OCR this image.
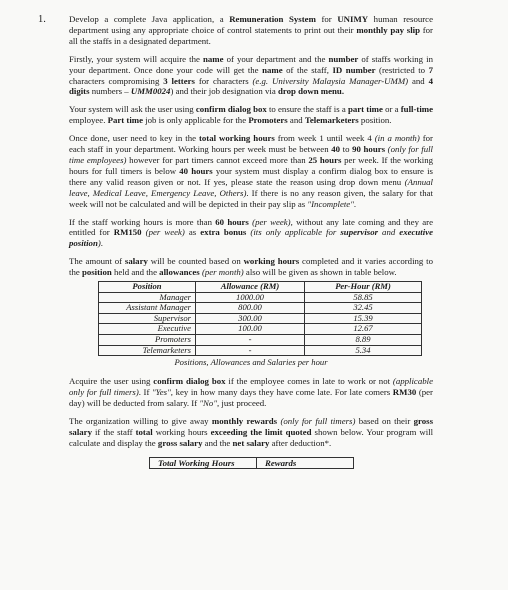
1.	Develop a complete Java application, a Remuneration System for UNIMY human resource department using any appropriate choice of control statements to print out their monthly pay slip for all the staffs in a designated department.

Firstly, your system will acquire the name of your department and the number of staffs working in your department. Once done your code will get the name of the staff, ID number (restricted to 7 characters compromising 3 letters for characters (e.g. University Malaysia Manager-UMM) and 4 digits numbers – UMM0024) and their job designation via drop down menu.

Your system will ask the user using confirm dialog box to ensure the staff is a part time or a full-time employee. Part time job is only applicable for the Promoters and Telemarketers position.

Once done, user need to key in the total working hours from week 1 until week 4 (in a month) for each staff in your department. Working hours per week must be between 40 to 90 hours (only for full time employees) however for part timers cannot exceed more than 25 hours per week. If the working hours for full timers is below 40 hours your system must display a confirm dialog box to ensure is there any valid reason given or not. If yes, please state the reason using drop down menu (Annual leave, Medical Leave, Emergency Leave, Others). If there is no any reason given, the salary for that week will not be calculated and will be depicted in their pay slip as "Incomplete".

If the staff working hours is more than 60 hours (per week), without any late coming and they are entitled for RM150 (per week) as extra bonus (its only applicable for supervisor and executive position).

The amount of salary will be counted based on working hours completed and it varies according to the position held and the allowances (per month) also will be given as shown in table below.

Position	Allowance (RM)	Per-Hour (RM)
Manager	1000.00	58.85
Assistant Manager	800.00	32.45
Supervisor	300.00	15.39
Executive	100.00	12.67
Promoters	-	8.89
Telemarketers	-	5.34
Positions, Allowances and Salaries per hour

Acquire the user using confirm dialog box if the employee comes in late to work or not (applicable only for full timers). If "Yes", key in how many days they have come late. For late comers RM30 (per day) will be deducted from salary. If "No", just proceed.

The organization willing to give away monthly rewards (only for full timers) based on their gross salary if the staff total working hours exceeding the limit quoted shown below. Your program will calculate and display the gross salary and the net salary after deduction*.

Total Working Hours	Rewards
